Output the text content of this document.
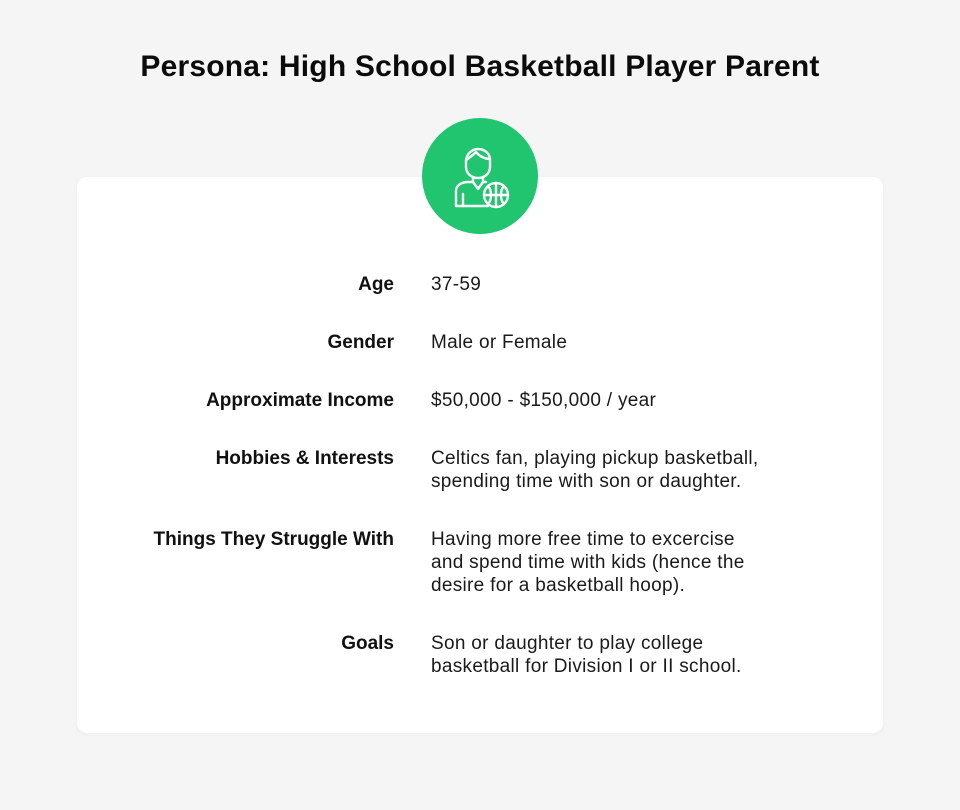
Persona: High School Basketball Player Parent
Age 37-59
Gender Male or Female
Approximate Income $50,000 - $150,000 / year
Hobbies & Interests Celtics fan, playing pickup basketball,
spending time with son or daughter.
Things They Struggle With Having more free time to excercise
and spend time with kids (hence the
desire for a basketball hoop).
Goals Son or daughter to play college
basketball for Division I or II school.
